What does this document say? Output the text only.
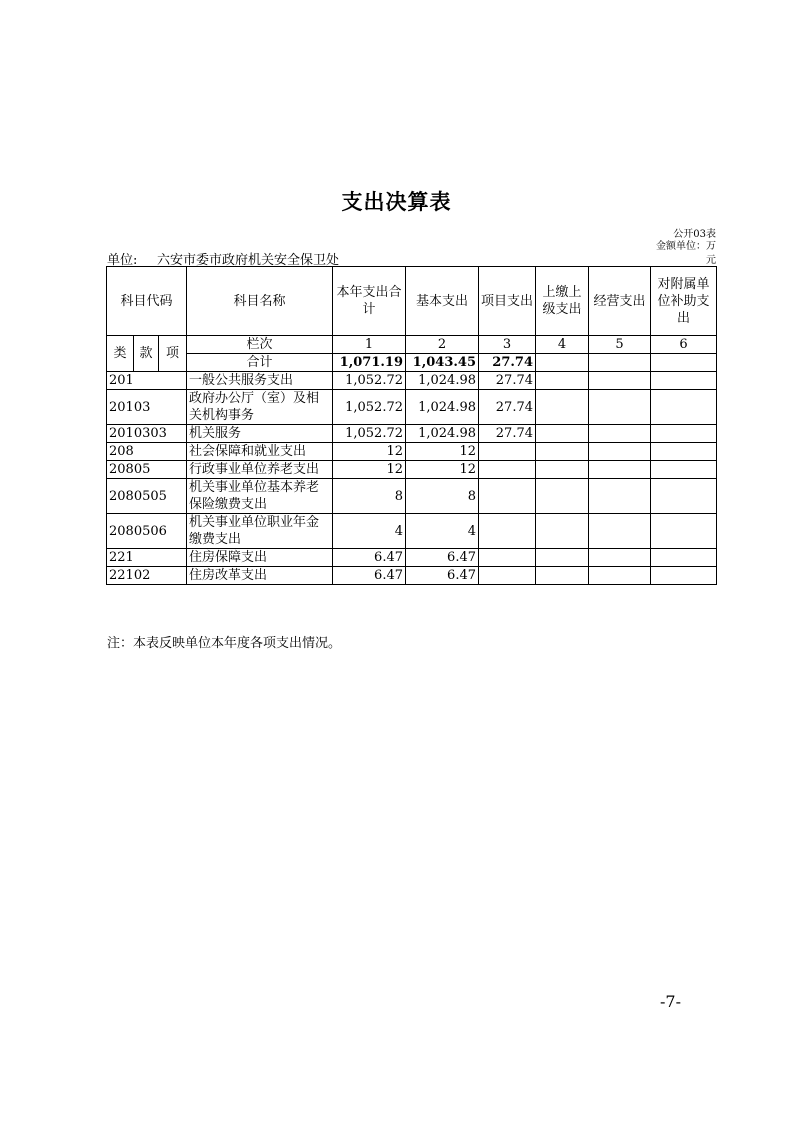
支出决算表
公开03表
金额单位：万
元
单位: 六安市委市政府机关安全保卫处
科目代码			科目名称	本年支出合计	基本支出	项目支出	上缴上级支出	经营支出	对附属单位补助支出
类	款	项	栏次	1	2	3	4	5	6
			合计	1,071.19	1,043.45	27.74			
201			一般公共服务支出	1,052.72	1,024.98	27.74			
20103			政府办公厅（室）及相关机构事务	1,052.72	1,024.98	27.74			
2010303			机关服务	1,052.72	1,024.98	27.74			
208			社会保障和就业支出	12	12				
20805			行政事业单位养老支出	12	12				
2080505			机关事业单位基本养老保险缴费支出	8	8				
2080506			机关事业单位职业年金缴费支出	4	4				
221			住房保障支出	6.47	6.47				
22102			住房改革支出	6.47	6.47				
注：本表反映单位本年度各项支出情况。
-7-
